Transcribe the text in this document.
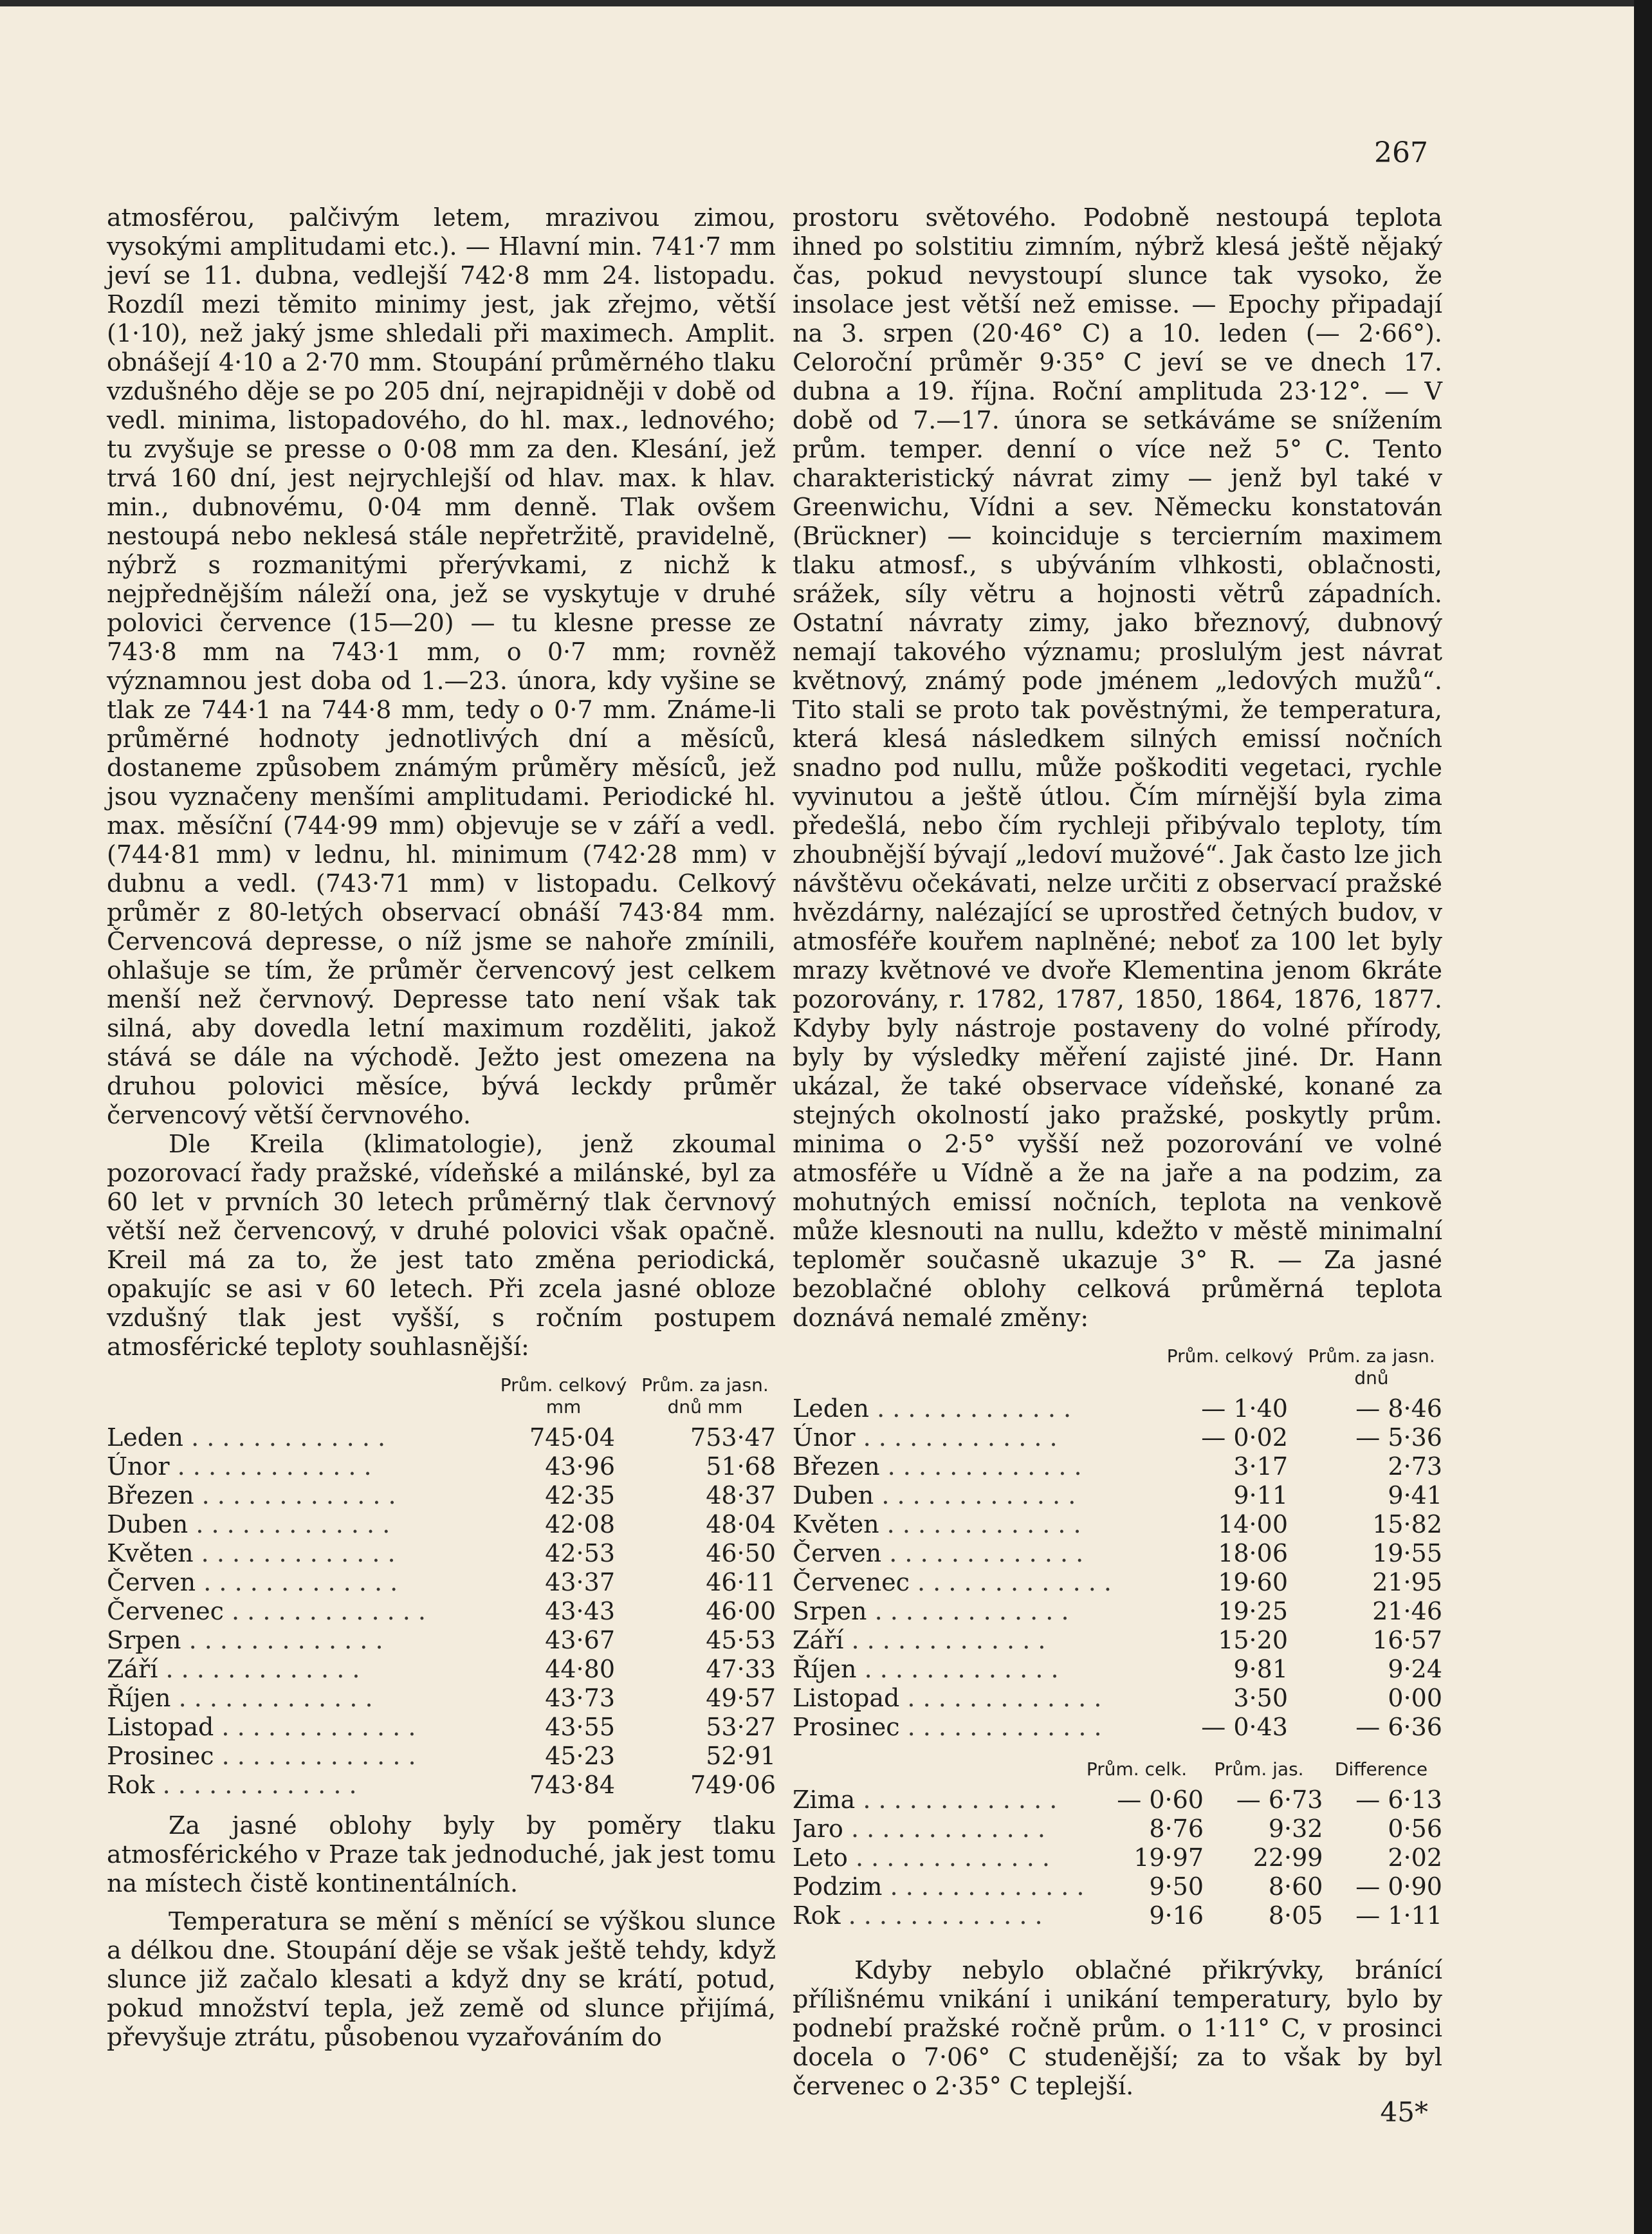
267

atmosférou, palčivým letem, mrazivou zimou, vysokými amplitudami etc.). — Hlavní min. 741·7 mm jeví se 11. dubna, vedlejší 742·8 mm 24. listopadu. Rozdíl mezi těmito minimy jest, jak zřejmo, větší (1·10), než jaký jsme shledali při maximech. Amplit. obnášejí 4·10 a 2·70 mm. Stoupání průměrného tlaku vzdušného děje se po 205 dní, nejrapidněji v době od vedl. minima, listopadového, do hl. max., lednového; tu zvyšuje se presse o 0·08 mm za den. Klesání, jež trvá 160 dní, jest nejrychlejší od hlav. max. k hlav. min., dubnovému, 0·04 mm denně. Tlak ovšem nestoupá nebo neklesá stále nepřetržitě, pravidelně, nýbrž s rozmanitými přerývkami, z nichž k nejpřednějším náleží ona, jež se vyskytuje v druhé polovici července (15—20) — tu klesne presse ze 743·8 mm na 743·1 mm, o 0·7 mm; rovněž významnou jest doba od 1.—23. února, kdy vyšine se tlak ze 744·1 na 744·8 mm, tedy o 0·7 mm. Známe-li průměrné hodnoty jednotlivých dní a měsíců, dostaneme způsobem známým průměry měsíců, jež jsou vyznačeny menšími amplitudami. Periodické hl. max. měsíční (744·99 mm) objevuje se v září a vedl. (744·81 mm) v lednu, hl. minimum (742·28 mm) v dubnu a vedl. (743·71 mm) v listopadu. Celkový průměr z 80-letých observací obnáší 743·84 mm. Červencová depresse, o níž jsme se nahoře zmínili, ohlašuje se tím, že průměr červencový jest celkem menší než červnový. Depresse tato není však tak silná, aby dovedla letní maximum rozděliti, jakož stává se dále na východě. Ježto jest omezena na druhou polovici měsíce, bývá leckdy průměr červencový větší červnového.

Dle Kreila (klimatologie), jenž zkoumal pozorovací řady pražské, vídeňské a milánské, byl za 60 let v prvních 30 letech průměrný tlak červnový větší než červencový, v druhé polovici však opačně. Kreil má za to, že jest tato změna periodická, opakujíc se asi v 60 letech. Při zcela jasné obloze vzdušný tlak jest vyšší, s ročním postupem atmosférické teploty souhlasnější:

Prům. celkový mm
Prům. za jasn. dnů mm
Leden . . .	745·04	753·47

Únor . . .	43·96	51·68

Březen . . .	42·35	48·37

Duben . . .	42·08	48·04

Květen . . .	42·53	46·50

Červen . . .	43·37	46·11

Červenec . . .	43·43	46·00

Srpen . . .	43·67	45·53

Září . . .	44·80	47·33

Říjen . . .	43·73	49·57

Listopad . . .	43·55	53·27

Prosinec . . .	45·23	52·91

Rok . . .	743·84	749·06

Za jasné oblohy byly by poměry tlaku atmosférického v Praze tak jednoduché, jak jest tomu na místech čistě kontinentálních.

Temperatura se mění s měnící se výškou slunce a délkou dne. Stoupání děje se však ještě tehdy, když slunce již začalo klesati a když dny se krátí, potud, pokud množství tepla, jež země od slunce přijímá, převyšuje ztrátu, působenou vyzařováním do

prostoru světového. Podobně nestoupá teplota ihned po solstitiu zimním, nýbrž klesá ještě nějaký čas, pokud nevystoupí slunce tak vysoko, že insolace jest větší než emisse. — Epochy připadají na 3. srpen (20·46° C) a 10. leden (— 2·66°). Celoroční průměr 9·35° C jeví se ve dnech 17. dubna a 19. října. Roční amplituda 23·12°. — V době od 7.—17. února se setkáváme se snížením prům. temper. denní o více než 5° C. Tento charakteristický návrat zimy — jenž byl také v Greenwichu, Vídni a sev. Německu konstatován (Brückner) — koinciduje s tercierním maximem tlaku atmosf., s ubýváním vlhkosti, oblačnosti, srážek, síly větru a hojnosti větrů západních. Ostatní návraty zimy, jako březnový, dubnový nemají takového významu; proslulým jest návrat květnový, známý pode jménem „ledových mužů“. Tito stali se proto tak pověstnými, že temperatura, která klesá následkem silných emissí nočních snadno pod nullu, může poškoditi vegetaci, rychle vyvinutou a ještě útlou. Čím mírnější byla zima předešlá, nebo čím rychleji přibývalo teploty, tím zhoubnější bývají „ledoví mužové“. Jak často lze jich návštěvu očekávati, nelze určiti z observací pražské hvězdárny, nalézající se uprostřed četných budov, v atmosféře kouřem naplněné; neboť za 100 let byly mrazy květnové ve dvoře Klementina jenom 6kráte pozorovány, r. 1782, 1787, 1850, 1864, 1876, 1877. Kdyby byly nástroje postaveny do volné přírody, byly by výsledky měření zajisté jiné. Dr. Hann ukázal, že také observace vídeňské, konané za stejných okolností jako pražské, poskytly prům. minima o 2·5° vyšší než pozorování ve volné atmosféře u Vídně a že na jaře a na podzim, za mohutných emissí nočních, teplota na venkově může klesnouti na nullu, kdežto v městě minimalní teploměr současně ukazuje 3° R. — Za jasné bezoblačné oblohy celková průměrná teplota doznává nemalé změny:

Prům. celkový Prům. za jasn. dnů
Leden . . .	— 1·40	— 8·46

Únor . . .	— 0·02	— 5·36

Březen . . .	3·17	2·73

Duben . . .	9·11	9·41

Květen . . .	14·00	15·82

Červen . . .	18·06	19·55

Červenec . . .	19·60	21·95

Srpen . . .	19·25	21·46

Září . . .	15·20	16·57

Říjen . . .	9·81	9·24

Listopad . . .	3·50	0·00

Prosinec . . .	— 0·43	— 6·36
Prům. celk.	Prům. jas.	Difference
Zima . . .	— 0·60	— 6·73	— 6·13

Jaro . . .	8·76	9·32	0·56

Leto . . .	19·97	22·99	2·02

Podzim . . .	9·50	8·60	— 0·90

Rok . . .	9·16	8·05	— 1·11

Kdyby nebylo oblačné přikrývky, bránící přílišnému vnikání i unikání temperatury, bylo by podnebí pražské ročně prům. o 1·11° C, v prosinci docela o 7·06° C studenější; za to však by byl červenec o 2·35° C teplejší.

45*
